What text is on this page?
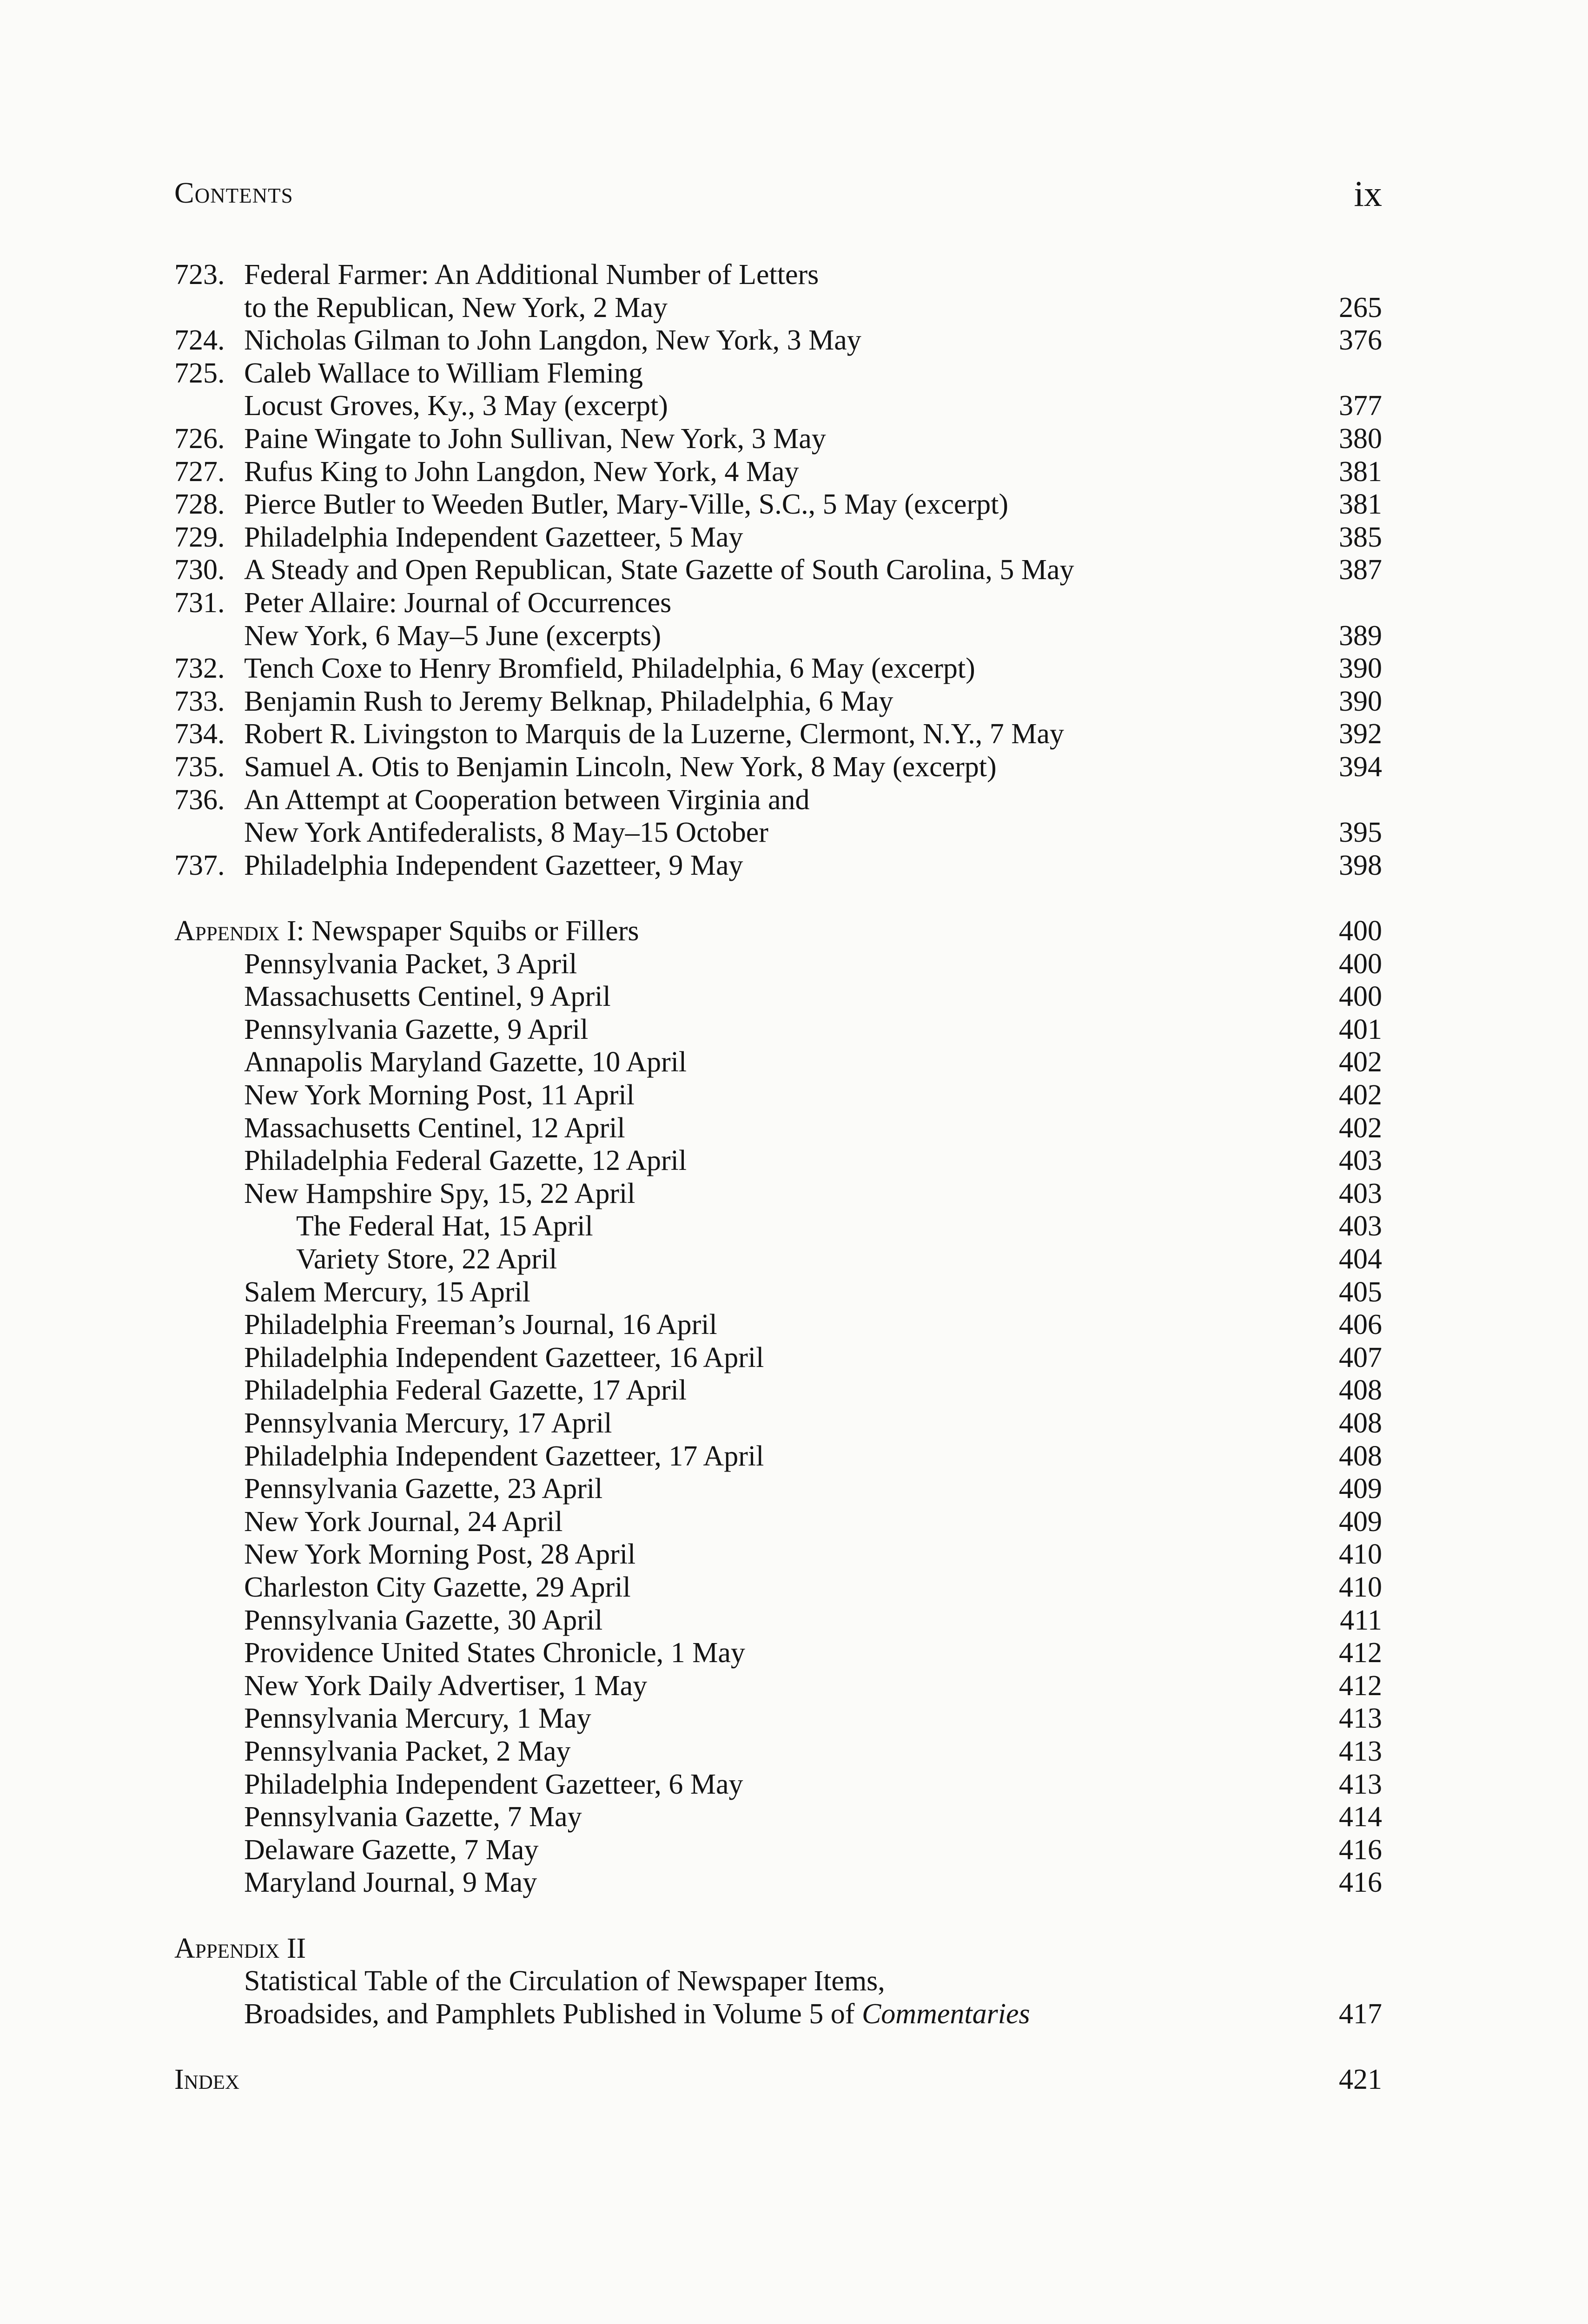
Contents	ix
723. Federal Farmer: An Additional Number of Letters
to the Republican, New York, 2 May	265
724. Nicholas Gilman to John Langdon, New York, 3 May	376
725. Caleb Wallace to William Fleming
Locust Groves, Ky., 3 May (excerpt)	377
726. Paine Wingate to John Sullivan, New York, 3 May	380
727. Rufus King to John Langdon, New York, 4 May	381
728. Pierce Butler to Weeden Butler, Mary-Ville, S.C., 5 May (excerpt)	381
729. Philadelphia Independent Gazetteer, 5 May	385
730. A Steady and Open Republican, State Gazette of South Carolina, 5 May	387
731. Peter Allaire: Journal of Occurrences
New York, 6 May–5 June (excerpts)	389
732. Tench Coxe to Henry Bromfield, Philadelphia, 6 May (excerpt)	390
733. Benjamin Rush to Jeremy Belknap, Philadelphia, 6 May	390
734. Robert R. Livingston to Marquis de la Luzerne, Clermont, N.Y., 7 May	392
735. Samuel A. Otis to Benjamin Lincoln, New York, 8 May (excerpt)	394
736. An Attempt at Cooperation between Virginia and
New York Antifederalists, 8 May–15 October	395
737. Philadelphia Independent Gazetteer, 9 May	398
Appendix I: Newspaper Squibs or Fillers	400
Pennsylvania Packet, 3 April	400
Massachusetts Centinel, 9 April	400
Pennsylvania Gazette, 9 April	401
Annapolis Maryland Gazette, 10 April	402
New York Morning Post, 11 April	402
Massachusetts Centinel, 12 April	402
Philadelphia Federal Gazette, 12 April	403
New Hampshire Spy, 15, 22 April	403
The Federal Hat, 15 April	403
Variety Store, 22 April	404
Salem Mercury, 15 April	405
Philadelphia Freeman’s Journal, 16 April	406
Philadelphia Independent Gazetteer, 16 April	407
Philadelphia Federal Gazette, 17 April	408
Pennsylvania Mercury, 17 April	408
Philadelphia Independent Gazetteer, 17 April	408
Pennsylvania Gazette, 23 April	409
New York Journal, 24 April	409
New York Morning Post, 28 April	410
Charleston City Gazette, 29 April	410
Pennsylvania Gazette, 30 April	411
Providence United States Chronicle, 1 May	412
New York Daily Advertiser, 1 May	412
Pennsylvania Mercury, 1 May	413
Pennsylvania Packet, 2 May	413
Philadelphia Independent Gazetteer, 6 May	413
Pennsylvania Gazette, 7 May	414
Delaware Gazette, 7 May	416
Maryland Journal, 9 May	416
Appendix II
Statistical Table of the Circulation of Newspaper Items,
Broadsides, and Pamphlets Published in Volume 5 of Commentaries	417
Index	421
